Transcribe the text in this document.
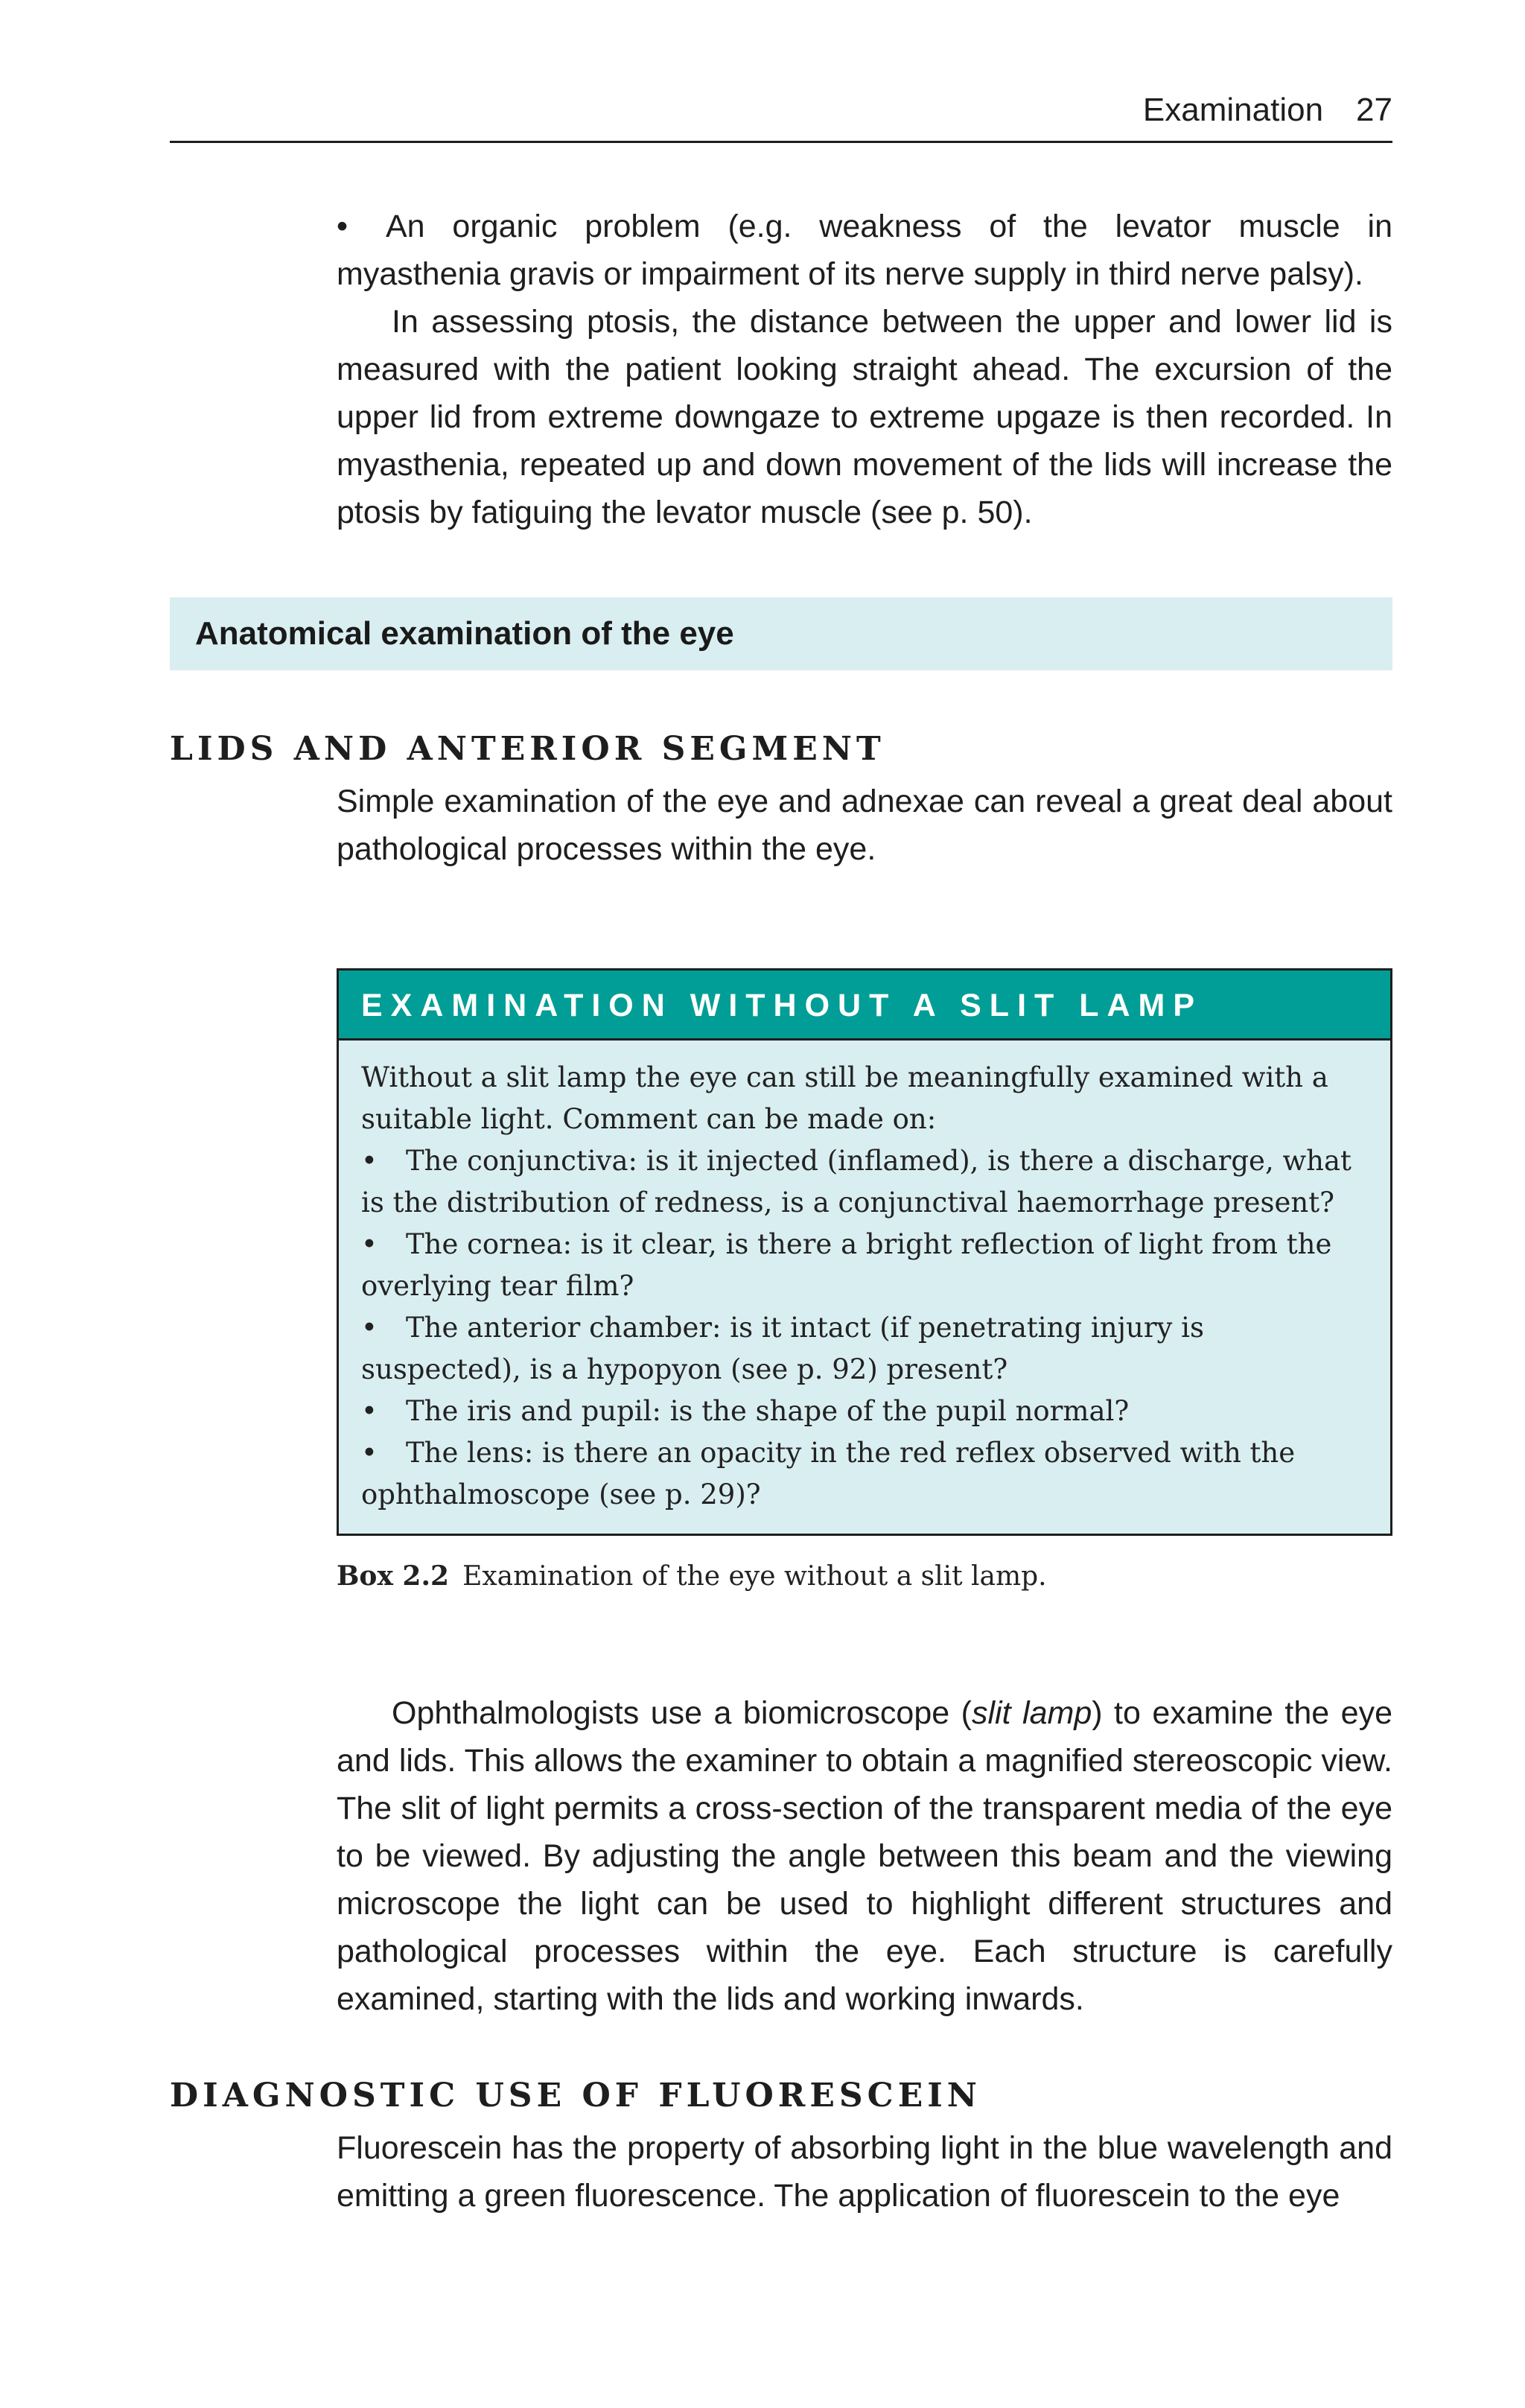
Examination 27

• An organic problem (e.g. weakness of the levator muscle in myasthenia gravis or impairment of its nerve supply in third nerve palsy).

In assessing ptosis, the distance between the upper and lower lid is measured with the patient looking straight ahead. The excursion of the upper lid from extreme downgaze to extreme upgaze is then recorded. In myasthenia, repeated up and down movement of the lids will increase the ptosis by fatiguing the levator muscle (see p. 50).

Anatomical examination of the eye
LIDS AND ANTERIOR SEGMENT

Simple examination of the eye and adnexae can reveal a great deal about pathological processes within the eye.

EXAMINATION WITHOUT A SLIT LAMP

Without a slit lamp the eye can still be meaningfully examined with a suitable light. Comment can be made on:

• The conjunctiva: is it injected (inflamed), is there a discharge, what is the distribution of redness, is a conjunctival haemorrhage present?

• The cornea: is it clear, is there a bright reflection of light from the overlying tear film?

• The anterior chamber: is it intact (if penetrating injury is suspected), is a hypopyon (see p. 92) present?

• The iris and pupil: is the shape of the pupil normal?

• The lens: is there an opacity in the red reflex observed with the ophthalmoscope (see p. 29)?

Box 2.2 Examination of the eye without a slit lamp.

Ophthalmologists use a biomicroscope (slit lamp) to examine the eye and lids. This allows the examiner to obtain a magnified stereoscopic view. The slit of light permits a cross-section of the transparent media of the eye to be viewed. By adjusting the angle between this beam and the viewing microscope the light can be used to highlight different structures and pathological processes within the eye. Each structure is carefully examined, starting with the lids and working inwards.

DIAGNOSTIC USE OF FLUORESCEIN

Fluorescein has the property of absorbing light in the blue wavelength and emitting a green fluorescence. The application of fluorescein to the eye
